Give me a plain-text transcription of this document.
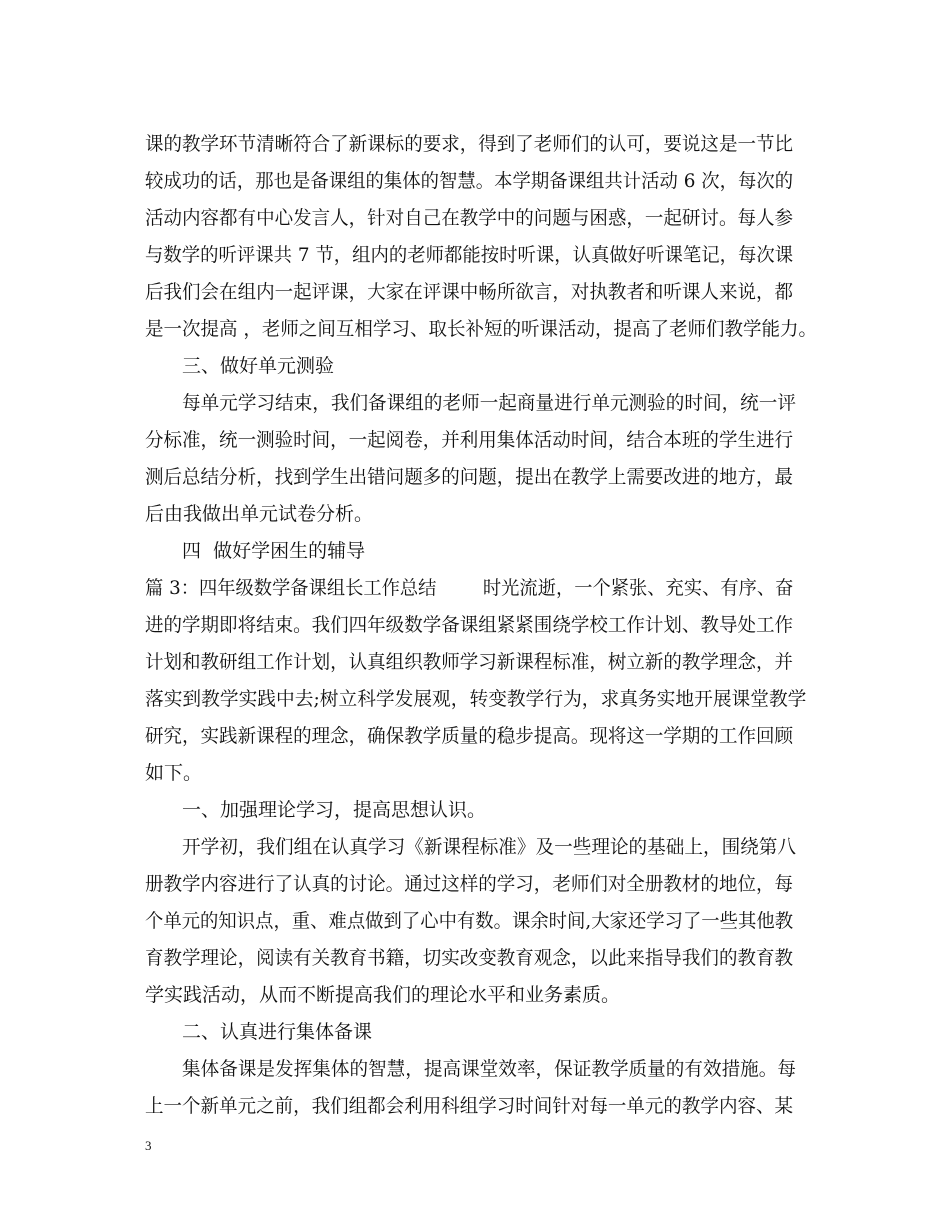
课的教学环节清晰符合了新课标的要求，得到了老师们的认可，要说这是一节比
较成功的话，那也是备课组的集体的智慧。本学期备课组共计活动 6 次，每次的
活动内容都有中心发言人，针对自己在教学中的问题与困惑，一起研讨。每人参
与数学的听评课共 7 节，组内的老师都能按时听课，认真做好听课笔记，每次课
后我们会在组内一起评课，大家在评课中畅所欲言，对执教者和听课人来说，都
是一次提高 ，老师之间互相学习、取长补短的听课活动，提高了老师们教学能力。
三、做好单元测验
每单元学习结束，我们备课组的老师一起商量进行单元测验的时间，统一评
分标准，统一测验时间，一起阅卷，并利用集体活动时间，结合本班的学生进行
测后总结分析，找到学生出错问题多的问题，提出在教学上需要改进的地方，最
后由我做出单元试卷分析。
四  做好学困生的辅导
篇 3：四年级数学备课组长工作总结        时光流逝，一个紧张、充实、有序、奋
进的学期即将结束。我们四年级数学备课组紧紧围绕学校工作计划、教导处工作
计划和教研组工作计划，认真组织教师学习新课程标准，树立新的教学理念，并
落实到教学实践中去;树立科学发展观，转变教学行为，求真务实地开展课堂教学
研究，实践新课程的理念，确保教学质量的稳步提高。现将这一学期的工作回顾
如下。
一、加强理论学习，提高思想认识。
开学初，我们组在认真学习《新课程标准》及一些理论的基础上，围绕第八
册教学内容进行了认真的讨论。通过这样的学习，老师们对全册教材的地位，每
个单元的知识点，重、难点做到了心中有数。课余时间,大家还学习了一些其他教
育教学理论，阅读有关教育书籍，切实改变教育观念，以此来指导我们的教育教
学实践活动，从而不断提高我们的理论水平和业务素质。
二、认真进行集体备课
集体备课是发挥集体的智慧，提高课堂效率，保证教学质量的有效措施。每
上一个新单元之前，我们组都会利用科组学习时间针对每一单元的教学内容、某
3
